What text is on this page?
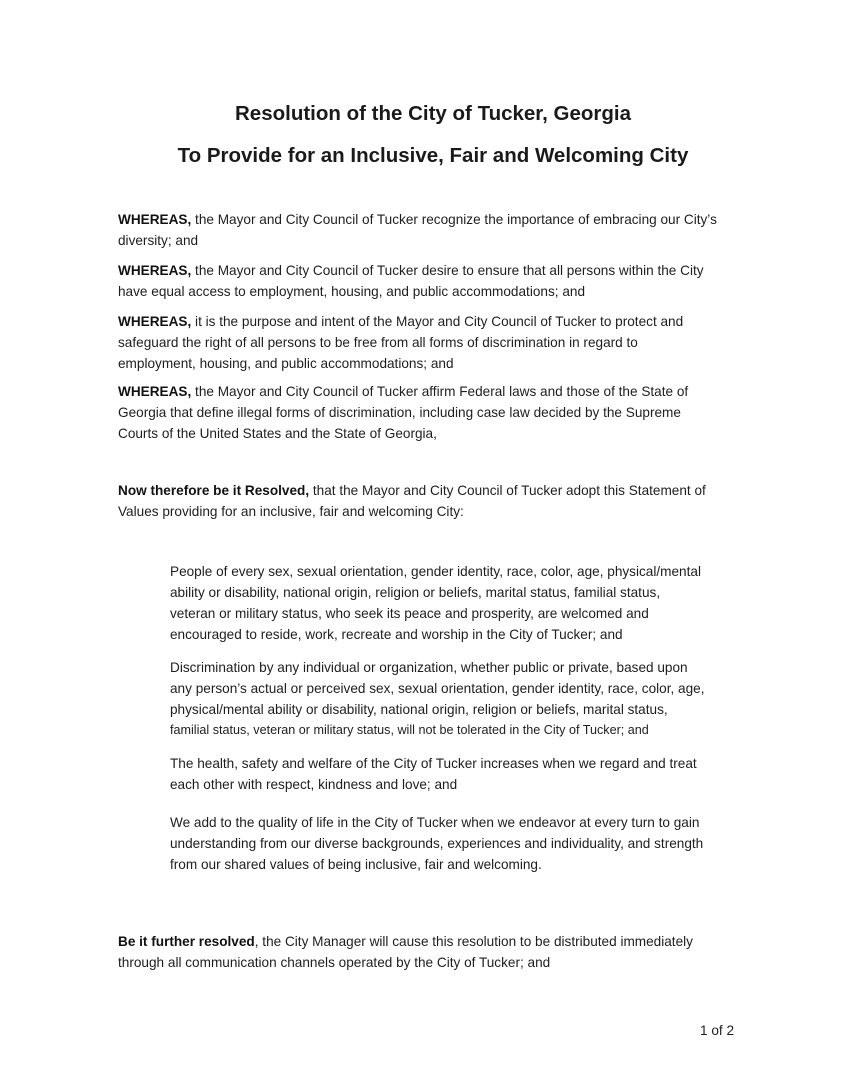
Resolution of the City of Tucker, Georgia
To Provide for an Inclusive, Fair and Welcoming City
WHEREAS, the Mayor and City Council of Tucker recognize the importance of embracing our City’s
diversity; and
WHEREAS, the Mayor and City Council of Tucker desire to ensure that all persons within the City
have equal access to employment, housing, and public accommodations; and
WHEREAS, it is the purpose and intent of the Mayor and City Council of Tucker to protect and
safeguard the right of all persons to be free from all forms of discrimination in regard to
employment, housing, and public accommodations; and
WHEREAS, the Mayor and City Council of Tucker affirm Federal laws and those of the State of
Georgia that define illegal forms of discrimination, including case law decided by the Supreme
Courts of the United States and the State of Georgia,
Now therefore be it Resolved, that the Mayor and City Council of Tucker adopt this Statement of
Values providing for an inclusive, fair and welcoming City:
People of every sex, sexual orientation, gender identity, race, color, age, physical/mental
ability or disability, national origin, religion or beliefs, marital status, familial status,
veteran or military status, who seek its peace and prosperity, are welcomed and
encouraged to reside, work, recreate and worship in the City of Tucker; and
Discrimination by any individual or organization, whether public or private, based upon
any person’s actual or perceived sex, sexual orientation, gender identity, race, color, age,
physical/mental ability or disability, national origin, religion or beliefs, marital status,
familial status, veteran or military status, will not be tolerated in the City of Tucker; and
The health, safety and welfare of the City of Tucker increases when we regard and treat
each other with respect, kindness and love; and
We add to the quality of life in the City of Tucker when we endeavor at every turn to gain
understanding from our diverse backgrounds, experiences and individuality, and strength
from our shared values of being inclusive, fair and welcoming.
Be it further resolved, the City Manager will cause this resolution to be distributed immediately
through all communication channels operated by the City of Tucker; and
1 of 2
